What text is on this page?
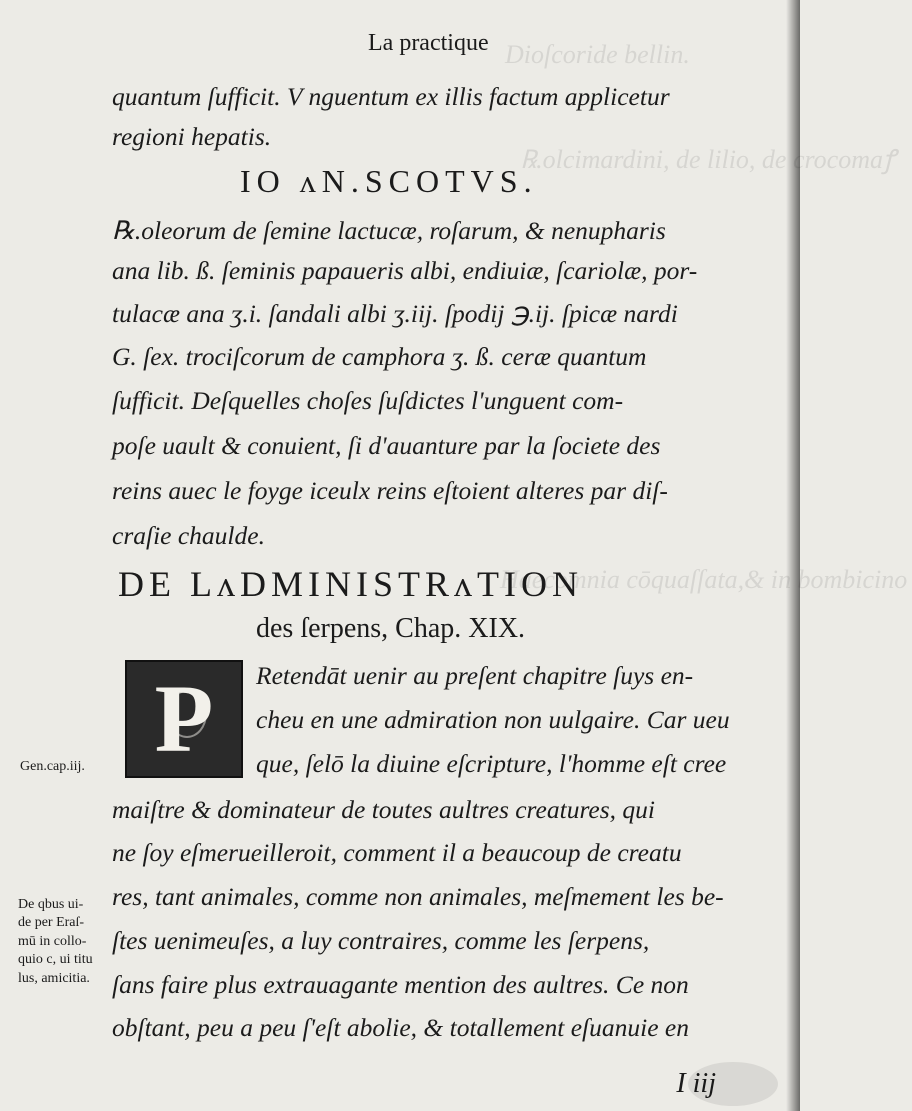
Dioſcoride bellin.
℞.olcimardini, de lilio, de crocomaꝭ
Haecomnia cōquaſſata,& in bombicino
La practique
quantum ſufficit. V nguentum ex illis factum applicetur
regioni hepatis.
IO ʌN.SCOTVS.
℞.oleorum de ſemine lactucæ, roſarum, & nenupharis
ana lib. ß. ſeminis papaueris albi, endiuiæ, ſcariolæ, por-
tulacæ ana ʒ.i. ſandali albi ʒ.iij. ſpodij ℈.ij. ſpicæ nardi
G. ſex. trociſcorum de camphora ʒ. ß. ceræ quantum
ſufficit. Deſquelles choſes ſuſdictes l'unguent com-
poſe uault & conuient, ſi d'auanture par la ſociete des
reins auec le foyge iceulx reins eſtoient alteres par diſ-
craſie chaulde.
DE LʌDMINISTRʌTION
des ſerpens, Chap. XIX.
P Retendāt uenir au preſent chapitre ſuys en-
cheu en une admiration non uulgaire. Car ueu
que, ſelō la diuine eſcripture, l'homme eſt cree
maiſtre & dominateur de toutes aultres creatures, qui
ne ſoy eſmerueilleroit, comment il a beaucoup de creatu
res, tant animales, comme non animales, meſmement les be-
ſtes uenimeuſes, a luy contraires, comme les ſerpens,
ſans faire plus extrauagante mention des aultres. Ce non
obſtant, peu a peu ſ'eſt abolie, & totallement eſuanuie en
Gen.cap.iij.
De qbus ui-
de per Eraſ-
mū in collo-
quio c, ui titu
lus, amicitia.
I iij
